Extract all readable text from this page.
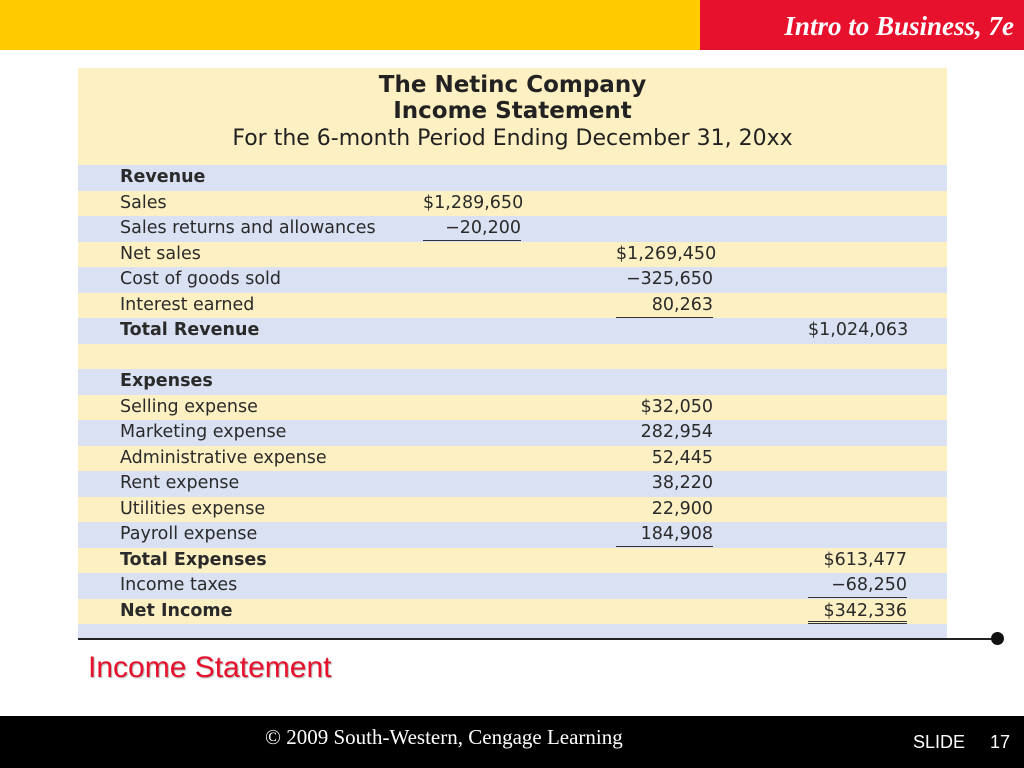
Intro to Business, 7e
The Netinc Company
Income Statement
For the 6-month Period Ending December 31, 20xx
Revenue
Sales	$1,289,650
Sales returns and allowances	−20,200
Net sales	$1,269,450
Cost of goods sold	−325,650
Interest earned	80,263
Total Revenue	$1,024,063
Expenses
Selling expense	$32,050
Marketing expense	282,954
Administrative expense	52,445
Rent expense	38,220
Utilities expense	22,900
Payroll expense	184,908
Total Expenses	$613,477
Income taxes	−68,250
Net Income	$342,336
Income Statement
© 2009 South-Western, Cengage Learning	SLIDE 17
